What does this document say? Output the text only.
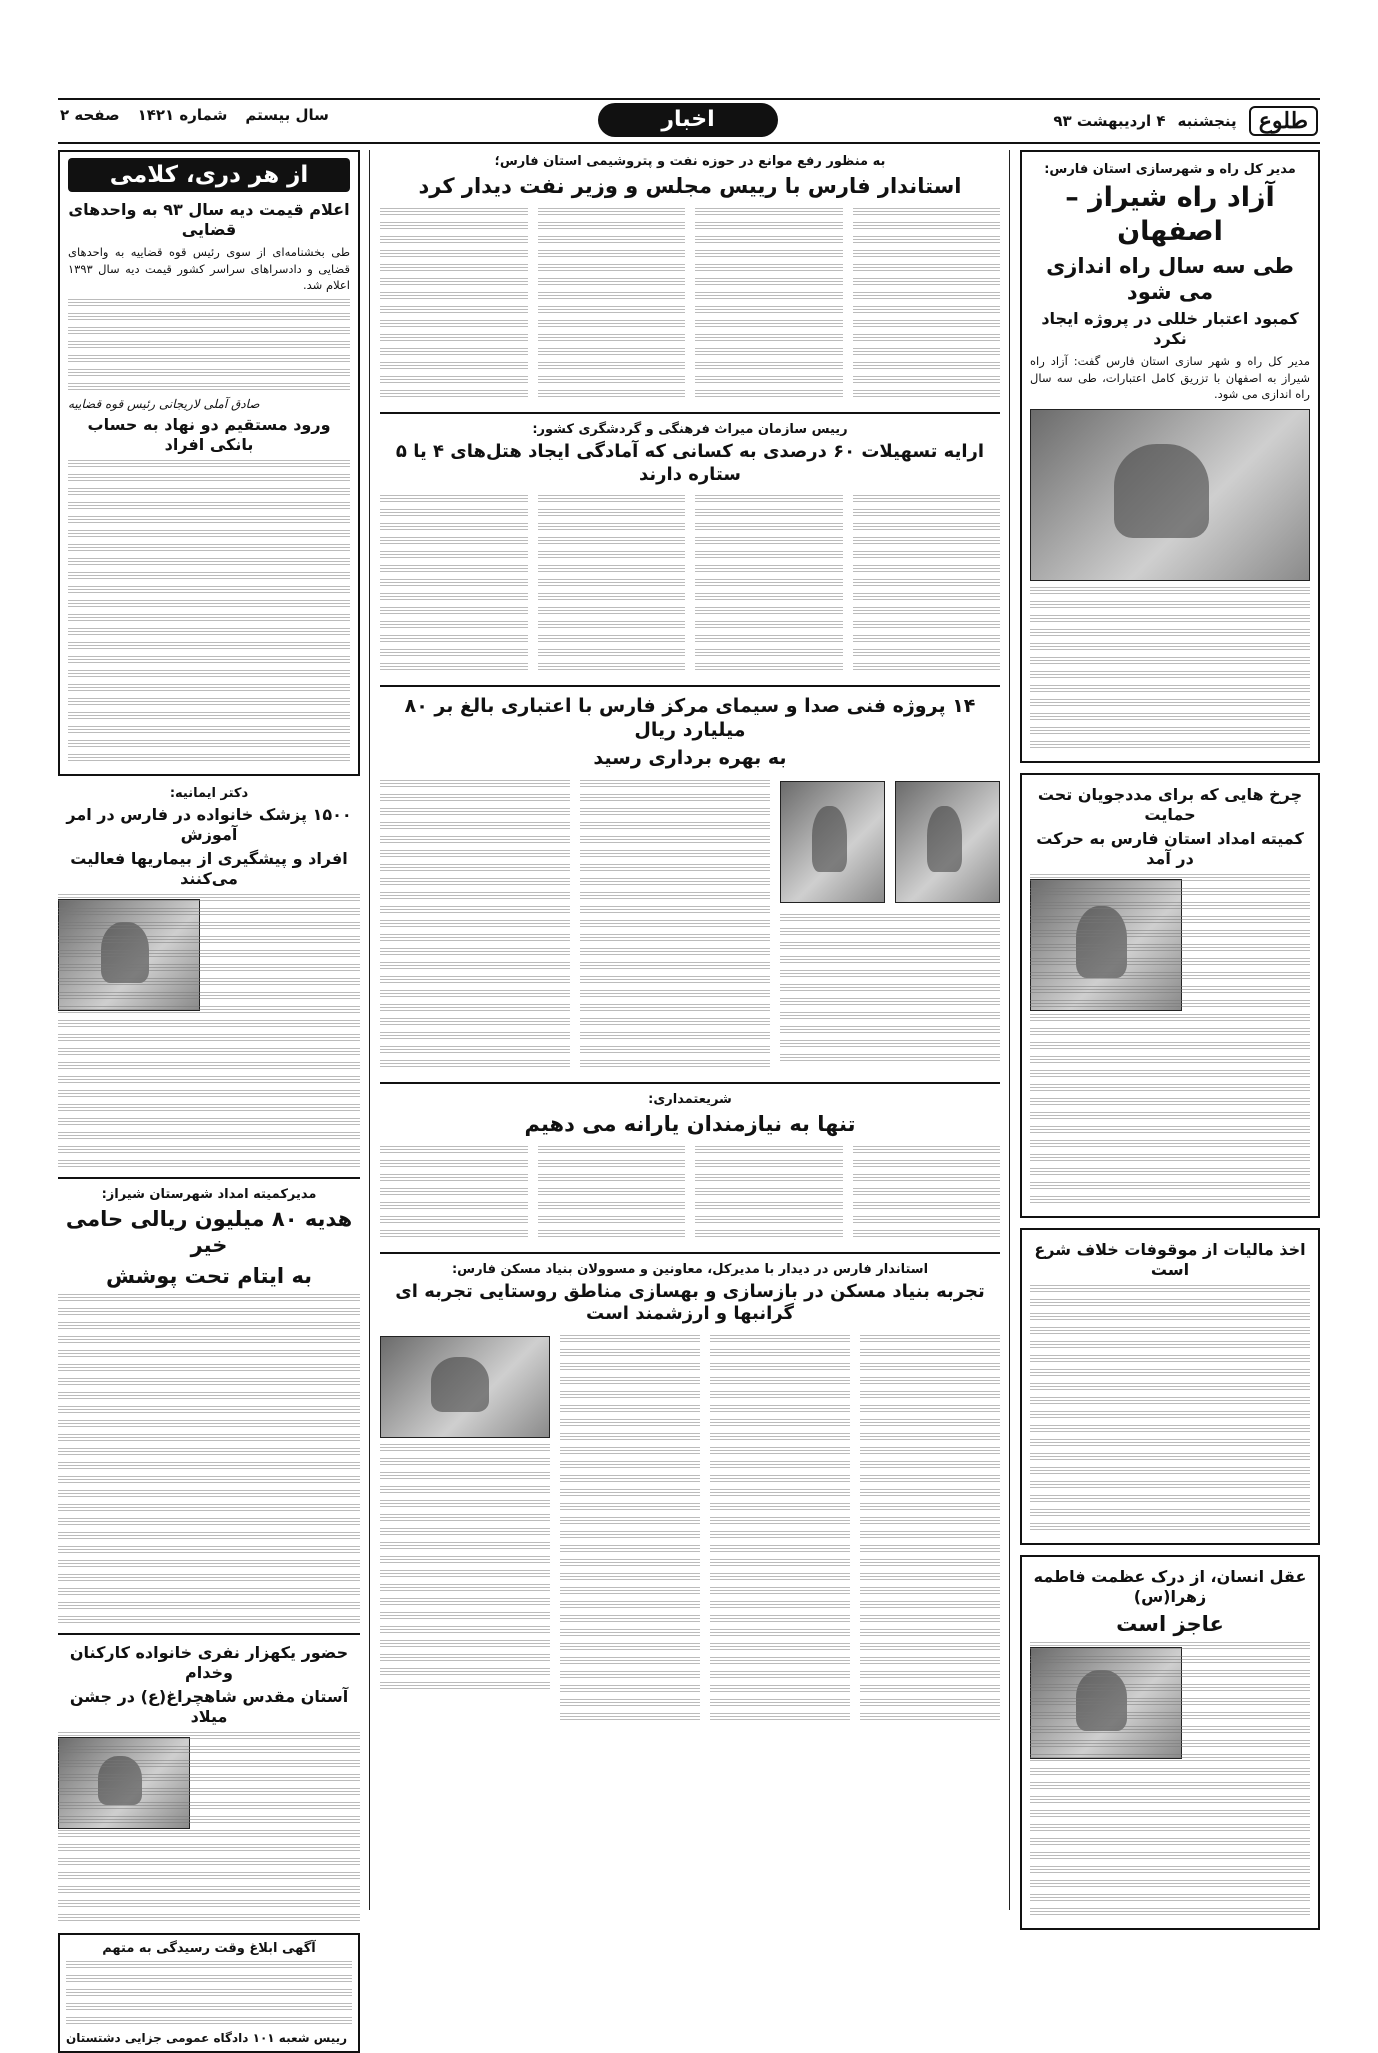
طلوع
پنجشنبه
۴ اردیبهشت ۹۳
اخبار
سال بیستم
شماره ۱۴۲۱
صفحه ۲
مدیر کل راه و شهرسازی استان فارس:
آزاد راه شیراز – اصفهان
طی سه سال راه اندازی می شود
کمبود اعتبار خللی در پروژه ایجاد نکرد

مدیر کل راه و شهر سازی استان فارس گفت: آزاد راه شیراز به اصفهان با تزریق کامل اعتبارات، طی سه سال راه اندازی می شود.

چرخ هایی که برای مددجویان تحت حمایت
کمیته امداد استان فارس به حرکت در آمد
اخذ مالیات از موقوفات خلاف شرع است
عقل انسان، از درک عظمت فاطمه زهرا(س)
عاجز است
به منظور رفع موانع در حوزه نفت و پتروشیمی استان فارس؛
استاندار فارس با رییس مجلس و وزیر نفت دیدار کرد
رییس سازمان میراث فرهنگی و گردشگری کشور:
ارایه تسهیلات ۶۰ درصدی به کسانی که آمادگی ایجاد هتل‌های ۴ یا ۵ ستاره دارند
۱۴ پروژه فنی صدا و سیمای مرکز فارس با اعتباری بالغ بر ۸۰ میلیارد ریال
به بهره برداری رسید
شریعتمداری:
تنها به نیازمندان یارانه می دهیم
استاندار فارس در دیدار با مدیرکل، معاونین و مسوولان بنیاد مسکن فارس:
تجربه بنیاد مسکن در بازسازی و بهسازی مناطق روستایی تجربه ای گرانبها و ارزشمند است
از هر دری، کلامی
اعلام قیمت دیه سال ۹۳ به واحدهای قضایی

طی بخشنامه‌ای از سوی رئیس قوه قضاییه به واحدهای قضایی و دادسراهای سراسر کشور قیمت دیه سال ۱۳۹۳ اعلام شد.

صادق آملی لاریجانی رئیس قوه قضاییه
ورود مستقیم دو نهاد به حساب بانکی افراد
دکتر ایمانیه:
۱۵۰۰ پزشک خانواده در فارس در امر آموزش
افراد و پیشگیری از بیماریها فعالیت می‌کنند
مدیرکمیته امداد شهرستان شیراز:
هدیه ۸۰ میلیون ریالی حامی خیر
به ایتام تحت پوشش
حضور یکهزار نفری خانواده کارکنان وخدام
آستان مقدس شاهچراغ(ع) در جشن میلاد
آگهی ابلاغ وقت رسیدگی به متهم
رییس شعبه ۱۰۱ دادگاه عمومی جزایی دشتستان
